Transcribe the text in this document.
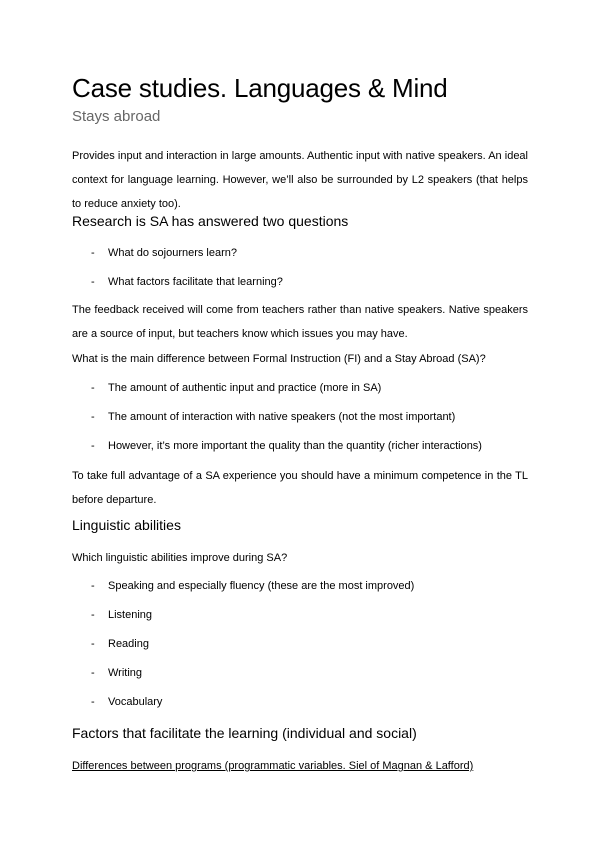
Case studies. Languages & Mind
Stays abroad
Provides input and interaction in large amounts. Authentic input with native speakers. An ideal context for language learning. However, we’ll also be surrounded by L2 speakers (that helps to reduce anxiety too).
Research is SA has answered two questions
- What do sojourners learn?
- What factors facilitate that learning?
The feedback received will come from teachers rather than native speakers. Native speakers are a source of input, but teachers know which issues you may have.
What is the main difference between Formal Instruction (FI) and a Stay Abroad (SA)?
- The amount of authentic input and practice (more in SA)
- The amount of interaction with native speakers (not the most important)
- However, it’s more important the quality than the quantity (richer interactions)
To take full advantage of a SA experience you should have a minimum competence in the TL before departure.
Linguistic abilities
Which linguistic abilities improve during SA?
- Speaking and especially fluency (these are the most improved)
- Listening
- Reading
- Writing
- Vocabulary
Factors that facilitate the learning (individual and social)
Differences between programs (programmatic variables. Siel of Magnan & Lafford)
